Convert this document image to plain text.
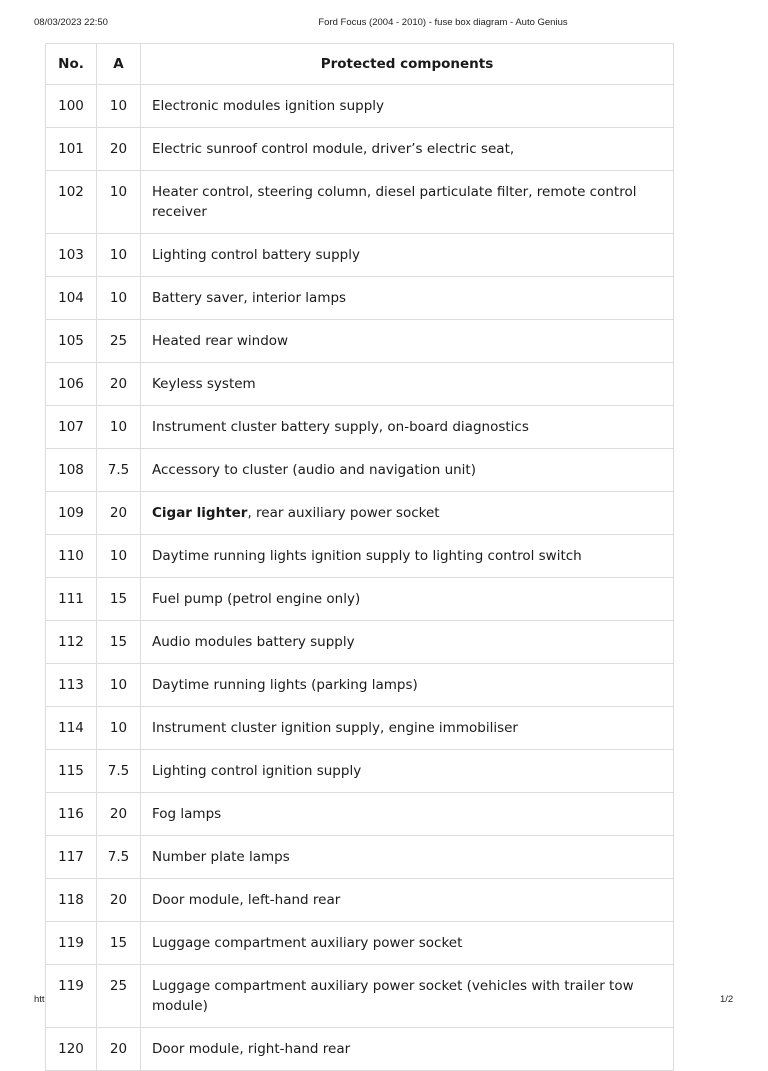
08/03/2023 22:50	Ford Focus (2004 - 2010) - fuse box diagram - Auto Genius
No.	A	Protected components
100	10	Electronic modules ignition supply
101	20	Electric sunroof control module, driver’s electric seat,
102	10	Heater control, steering column, diesel particulate filter, remote control receiver
103	10	Lighting control battery supply
104	10	Battery saver, interior lamps
105	25	Heated rear window
106	20	Keyless system
107	10	Instrument cluster battery supply, on-board diagnostics
108	7.5	Accessory to cluster (audio and navigation unit)
109	20	Cigar lighter, rear auxiliary power socket
110	10	Daytime running lights ignition supply to lighting control switch
111	15	Fuel pump (petrol engine only)
112	15	Audio modules battery supply
113	10	Daytime running lights (parking lamps)
114	10	Instrument cluster ignition supply, engine immobiliser
115	7.5	Lighting control ignition supply
116	20	Fog lamps
117	7.5	Number plate lamps
118	20	Door module, left-hand rear
119	15	Luggage compartment auxiliary power socket
119	25	Luggage compartment auxiliary power socket (vehicles with trailer tow module)
120	20	Door module, right-hand rear
htt	1/2
